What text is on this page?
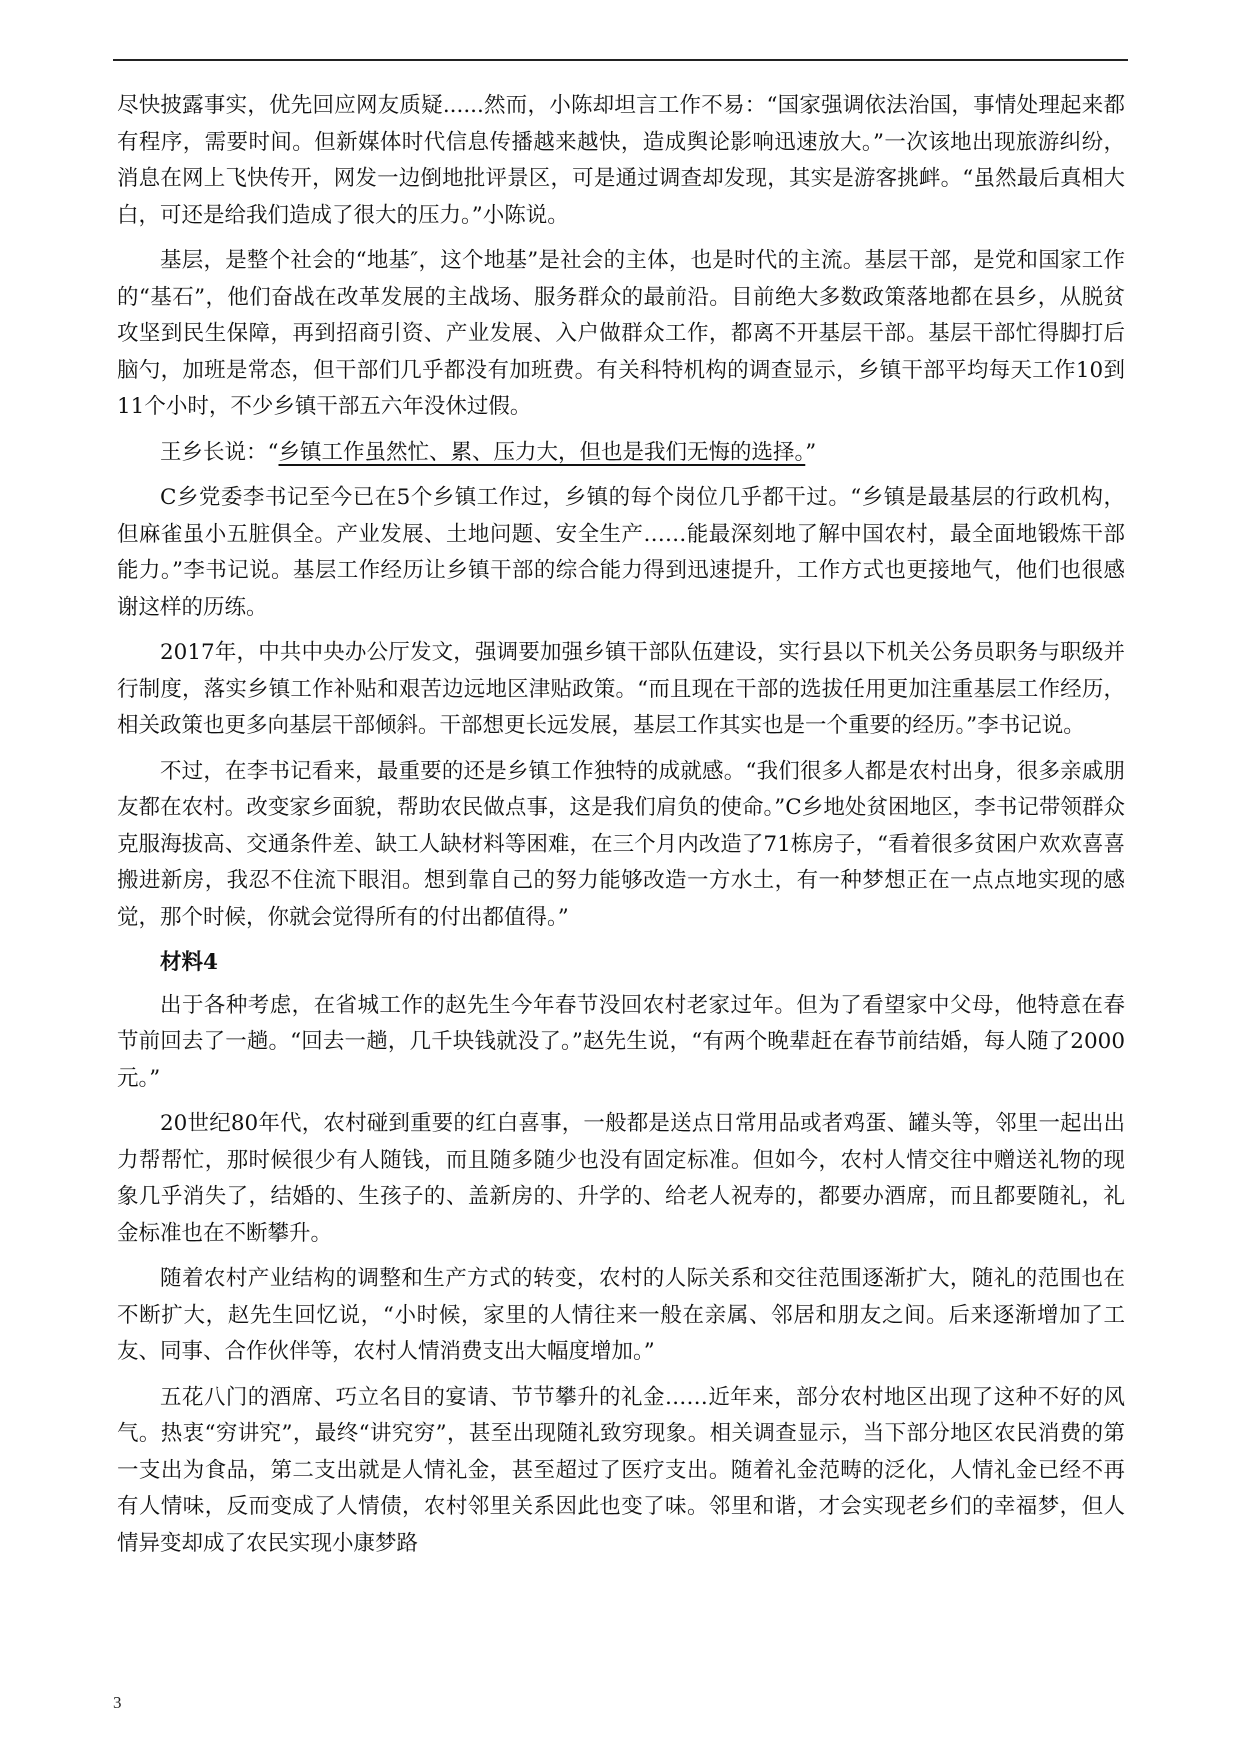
尽快披露事实，优先回应网友质疑......然而，小陈却坦言工作不易：“国家强调依法治国，事情处理起来都有程序，需要时间。但新媒体时代信息传播越来越快，造成舆论影响迅速放大。”一次该地出现旅游纠纷，消息在网上飞快传开，网发一边倒地批评景区，可是通过调查却发现，其实是游客挑衅。“虽然最后真相大白，可还是给我们造成了很大的压力。”小陈说。

基层，是整个社会的“地基″，这个地基”是社会的主体，也是时代的主流。基层干部，是党和国家工作的“基石”，他们奋战在改革发展的主战场、服务群众的最前沿。目前绝大多数政策落地都在县乡，从脱贫攻坚到民生保障，再到招商引资、产业发展、入户做群众工作，都离不开基层干部。基层干部忙得脚打后脑勺，加班是常态，但干部们几乎都没有加班费。有关科特机构的调查显示，乡镇干部平均每天工作10到11个小时，不少乡镇干部五六年没休过假。

王乡长说：“乡镇工作虽然忙、累、压力大，但也是我们无悔的选择。”

C乡党委李书记至今已在5个乡镇工作过，乡镇的每个岗位几乎都干过。“乡镇是最基层的行政机构，但麻雀虽小五脏俱全。产业发展、土地问题、安全生产……能最深刻地了解中国农村，最全面地锻炼干部能力。”李书记说。基层工作经历让乡镇干部的综合能力得到迅速提升，工作方式也更接地气，他们也很感谢这样的历练。

2017年，中共中央办公厅发文，强调要加强乡镇干部队伍建设，实行县以下机关公务员职务与职级并行制度，落实乡镇工作补贴和艰苦边远地区津贴政策。“而且现在干部的选拔任用更加注重基层工作经历，相关政策也更多向基层干部倾斜。干部想更长远发展，基层工作其实也是一个重要的经历。”李书记说。

不过，在李书记看来，最重要的还是乡镇工作独特的成就感。“我们很多人都是农村出身，很多亲戚朋友都在农村。改变家乡面貌，帮助农民做点事，这是我们肩负的使命。”C乡地处贫困地区，李书记带领群众克服海拔高、交通条件差、缺工人缺材料等困难，在三个月内改造了71栋房子，“看着很多贫困户欢欢喜喜搬进新房，我忍不住流下眼泪。想到靠自己的努力能够改造一方水土，有一种梦想正在一点点地实现的感觉，那个时候，你就会觉得所有的付出都值得。”

材料4

出于各种考虑，在省城工作的赵先生今年春节没回农村老家过年。但为了看望家中父母，他特意在春节前回去了一趟。“回去一趟，几千块钱就没了。”赵先生说，“有两个晚辈赶在春节前结婚，每人随了2000元。”

20世纪80年代，农村碰到重要的红白喜事，一般都是送点日常用品或者鸡蛋、罐头等，邻里一起出出力帮帮忙，那时候很少有人随钱，而且随多随少也没有固定标准。但如今，农村人情交往中赠送礼物的现象几乎消失了，结婚的、生孩子的、盖新房的、升学的、给老人祝寿的，都要办酒席，而且都要随礼，礼金标准也在不断攀升。

随着农村产业结构的调整和生产方式的转变，农村的人际关系和交往范围逐渐扩大，随礼的范围也在不断扩大，赵先生回忆说，“小时候，家里的人情往来一般在亲属、邻居和朋友之间。后来逐渐增加了工友、同事、合作伙伴等，农村人情消费支出大幅度增加。”

五花八门的酒席、巧立名目的宴请、节节攀升的礼金……近年来，部分农村地区出现了这种不好的风气。热衷“穷讲究”，最终“讲究穷”，甚至出现随礼致穷现象。相关调查显示，当下部分地区农民消费的第一支出为食品，第二支出就是人情礼金，甚至超过了医疗支出。随着礼金范畴的泛化，人情礼金已经不再有人情味，反而变成了人情债，农村邻里关系因此也变了味。邻里和谐，才会实现老乡们的幸福梦，但人情异变却成了农民实现小康梦路

3
